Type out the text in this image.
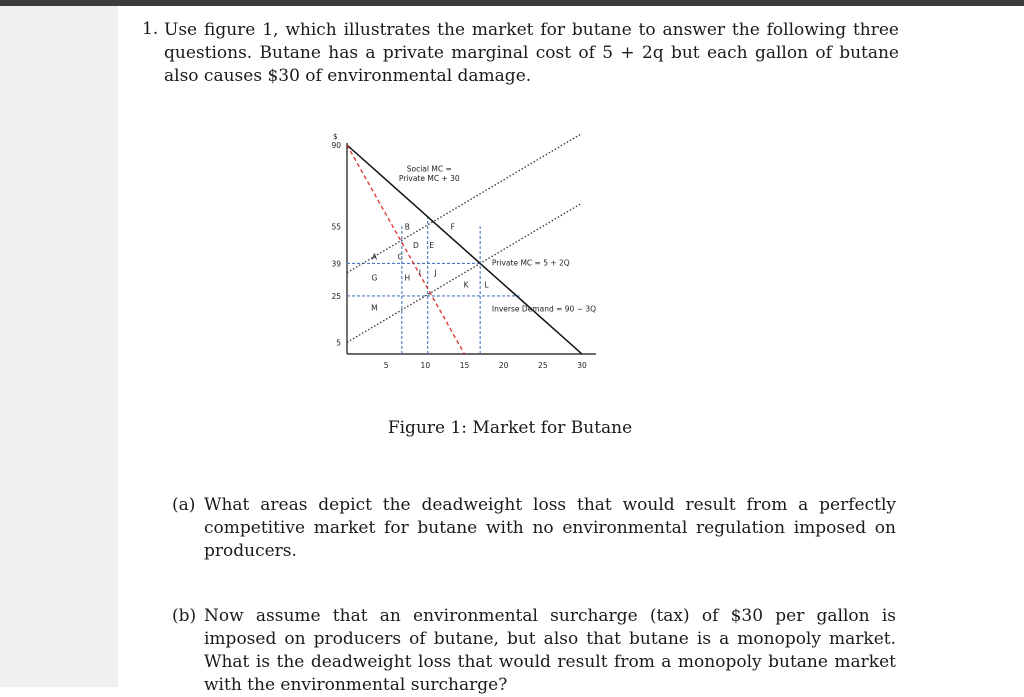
1. Use figure 1, which illustrates the market for butane to answer the following three questions. Butane has a private marginal cost of 5 + 2q but each gallon of butane also causes $30 of environmental damage.
$
Inverse Demand = 90 − 3Q
Private MC = 5 + 2Q
Social MC =
Private MC + 30
90
55
39
25
5
5	10	15	20	25	30
A
B
C
D E
F
G	H
I J
K L
M
Figure 1: Market for Butane
(a) What areas depict the deadweight loss that would result from a perfectly competitive market for butane with no environmental regulation imposed on producers.
(b) Now assume that an environmental surcharge (tax) of $30 per gallon is imposed on producers of butane, but also that butane is a monopoly market. What is the deadweight loss that would result from a monopoly butane market with the environmental surcharge?
